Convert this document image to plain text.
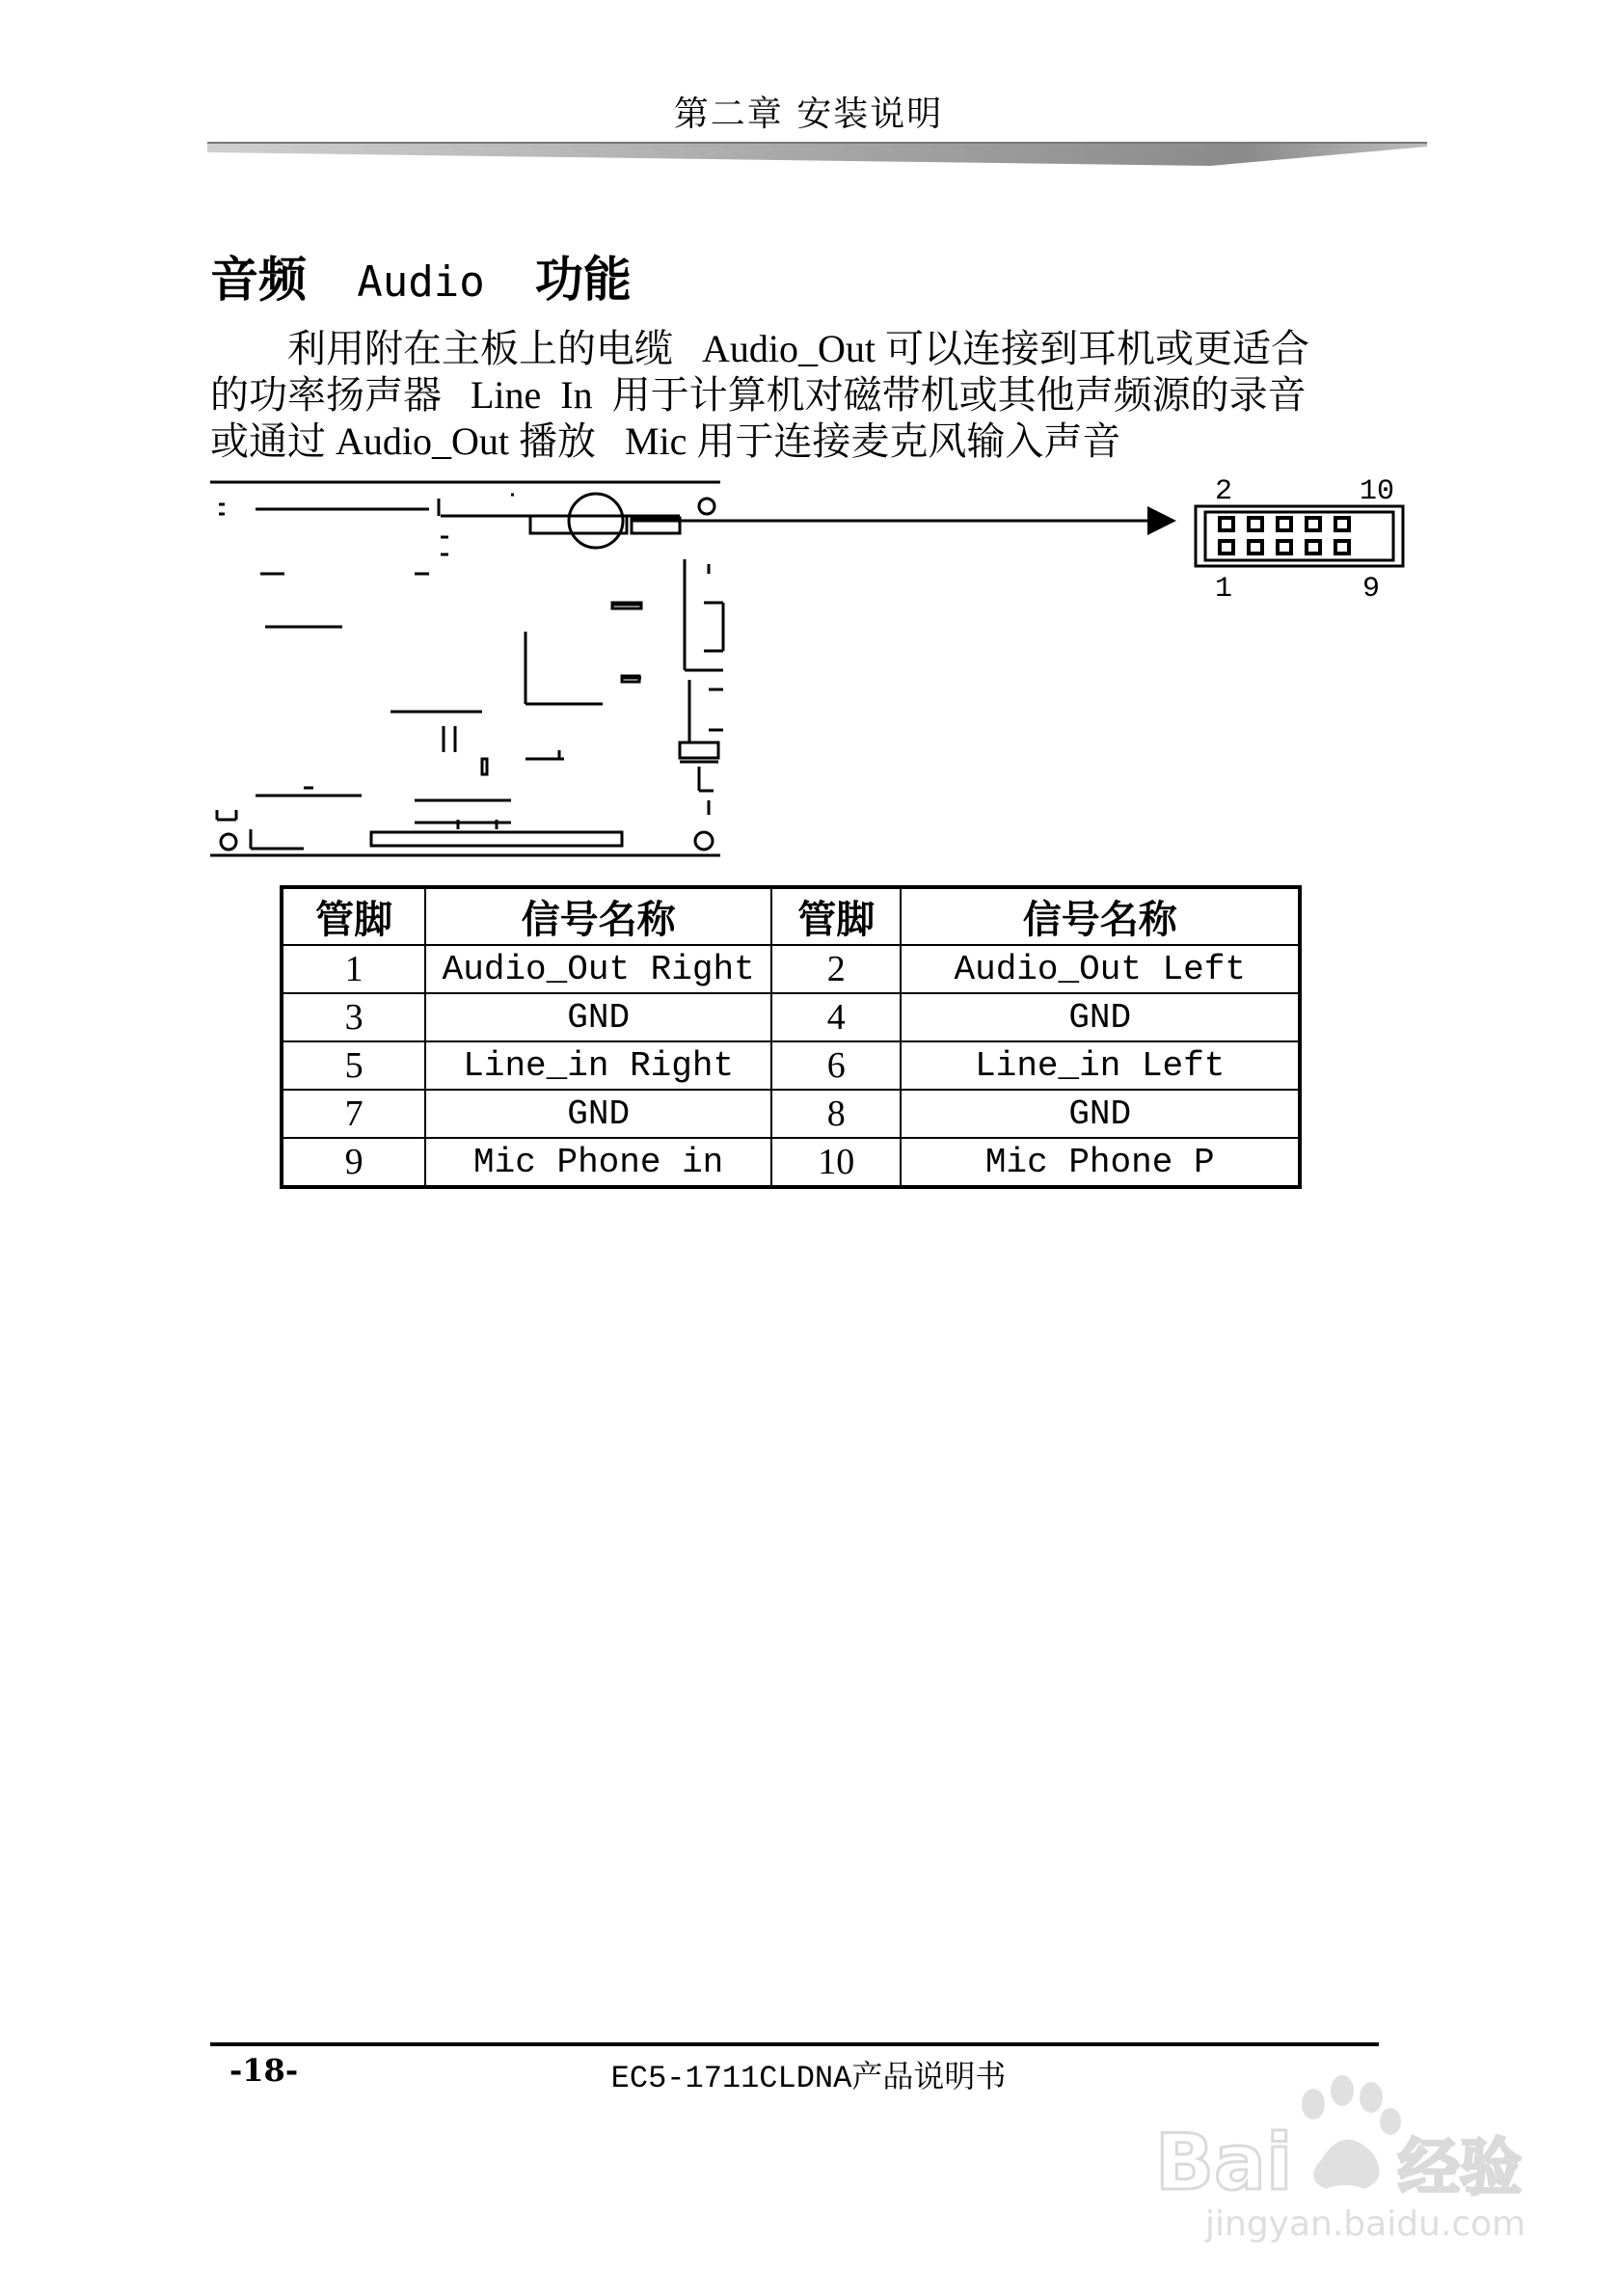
第二章 安装说明
音频 Audio 功能
利用附在主板上的电缆   Audio_Out 可以连接到耳机或更适合
的功率扬声器   Line  In  用于计算机对磁带机或其他声频源的录音
或通过 Audio_Out 播放   Mic 用于连接麦克风输入声音
2	10
1	9
管脚	信号名称	管脚	信号名称
1	Audio_Out Right	2	Audio_Out Left
3	GND	4	GND
5	Line_in Right	6	Line_in Left
7	GND	8	GND
9	Mic Phone in	10	Mic Phone P
-18-	EC5-1711CLDNA产品说明书
Bai 经验
jingyan.baidu.com
